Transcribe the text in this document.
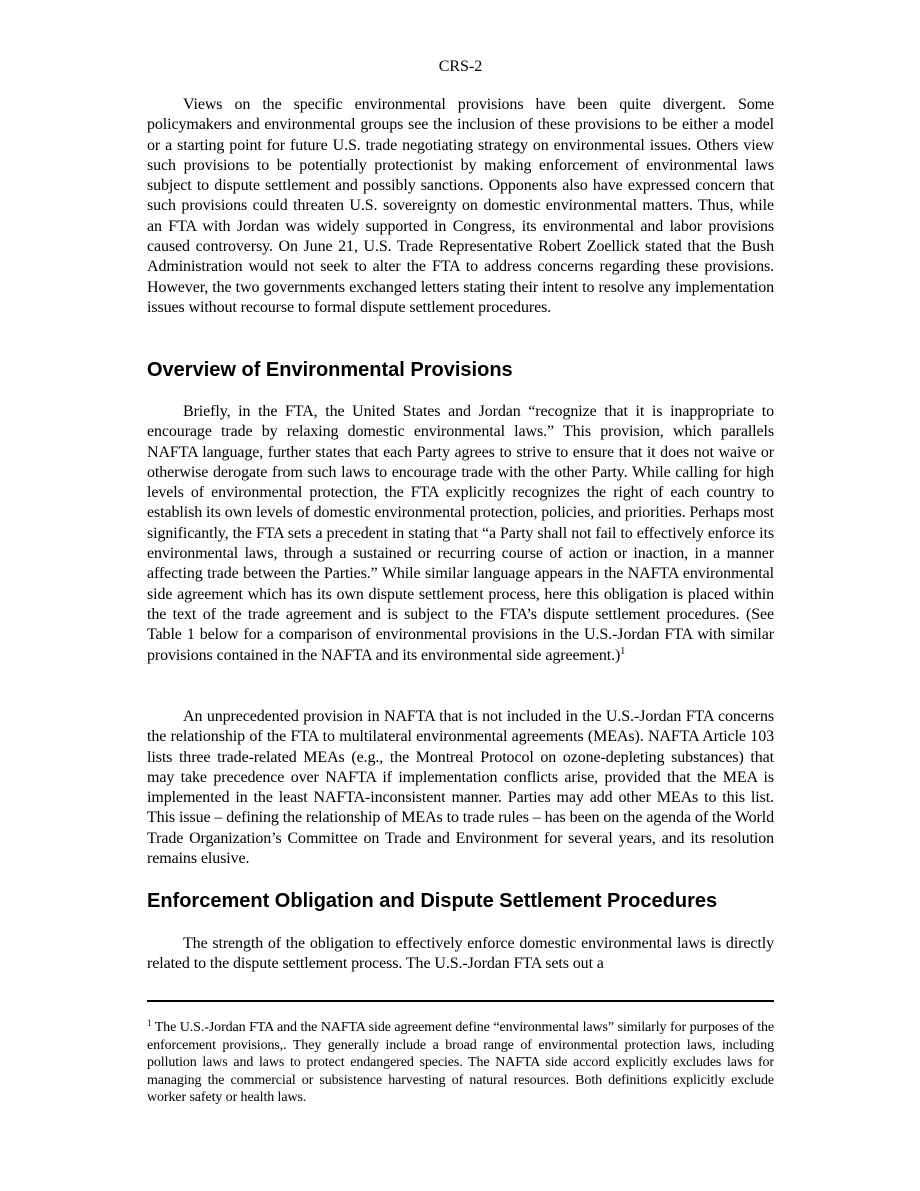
CRS-2

Views on the specific environmental provisions have been quite divergent. Some policymakers and environmental groups see the inclusion of these provisions to be either a model or a starting point for future U.S. trade negotiating strategy on environmental issues. Others view such provisions to be potentially protectionist by making enforcement of environmental laws subject to dispute settlement and possibly sanctions. Opponents also have expressed concern that such provisions could threaten U.S. sovereignty on domestic environmental matters. Thus, while an FTA with Jordan was widely supported in Congress, its environmental and labor provisions caused controversy. On June 21, U.S. Trade Representative Robert Zoellick stated that the Bush Administration would not seek to alter the FTA to address concerns regarding these provisions. However, the two governments exchanged letters stating their intent to resolve any implementation issues without recourse to formal dispute settlement procedures.

Overview of Environmental Provisions

Briefly, in the FTA, the United States and Jordan “recognize that it is inappropriate to encourage trade by relaxing domestic environmental laws.” This provision, which parallels NAFTA language, further states that each Party agrees to strive to ensure that it does not waive or otherwise derogate from such laws to encourage trade with the other Party. While calling for high levels of environmental protection, the FTA explicitly recognizes the right of each country to establish its own levels of domestic environmental protection, policies, and priorities. Perhaps most significantly, the FTA sets a precedent in stating that “a Party shall not fail to effectively enforce its environmental laws, through a sustained or recurring course of action or inaction, in a manner affecting trade between the Parties.” While similar language appears in the NAFTA environmental side agreement which has its own dispute settlement process, here this obligation is placed within the text of the trade agreement and is subject to the FTA’s dispute settlement procedures. (See Table 1 below for a comparison of environmental provisions in the U.S.-Jordan FTA with similar provisions contained in the NAFTA and its environmental side agreement.)$^1$

An unprecedented provision in NAFTA that is not included in the U.S.-Jordan FTA concerns the relationship of the FTA to multilateral environmental agreements (MEAs). NAFTA Article 103 lists three trade-related MEAs (e.g., the Montreal Protocol on ozone-depleting substances) that may take precedence over NAFTA if implementation conflicts arise, provided that the MEA is implemented in the least NAFTA-inconsistent manner. Parties may add other MEAs to this list. This issue – defining the relationship of MEAs to trade rules – has been on the agenda of the World Trade Organization’s Committee on Trade and Environment for several years, and its resolution remains elusive.

Enforcement Obligation and Dispute Settlement Procedures

The strength of the obligation to effectively enforce domestic environmental laws is directly related to the dispute settlement process. The U.S.-Jordan FTA sets out a

$^1$ The U.S.-Jordan FTA and the NAFTA side agreement define “environmental laws” similarly for purposes of the enforcement provisions,. They generally include a broad range of environmental protection laws, including pollution laws and laws to protect endangered species. The NAFTA side accord explicitly excludes laws for managing the commercial or subsistence harvesting of natural resources. Both definitions explicitly exclude worker safety or health laws.
